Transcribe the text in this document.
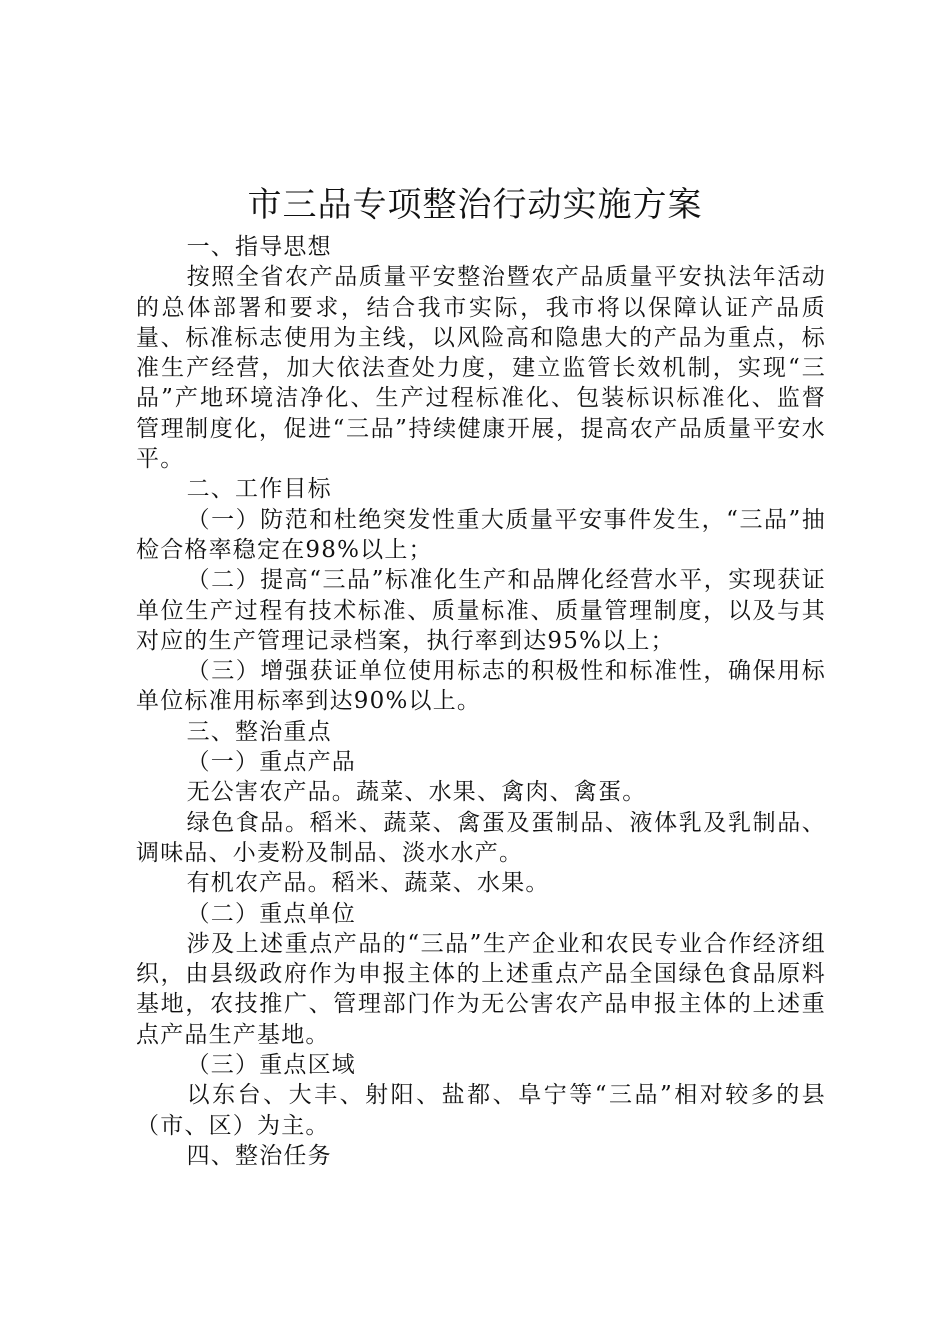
市三品专项整治行动实施方案

一、指导思想

按照全省农产品质量平安整治暨农产品质量平安执法年活动的总体部署和要求，结合我市实际，我市将以保障认证产品质量、标准标志使用为主线，以风险高和隐患大的产品为重点，标准生产经营，加大依法查处力度，建立监管长效机制，实现“三品”产地环境洁净化、生产过程标准化、包装标识标准化、监督管理制度化，促进“三品”持续健康开展，提高农产品质量平安水平。

二、工作目标

（一）防范和杜绝突发性重大质量平安事件发生，“三品”抽检合格率稳定在98%以上；

（二）提高“三品”标准化生产和品牌化经营水平，实现获证单位生产过程有技术标准、质量标准、质量管理制度，以及与其对应的生产管理记录档案，执行率到达95%以上；

（三）增强获证单位使用标志的积极性和标准性，确保用标单位标准用标率到达90%以上。

三、整治重点

（一）重点产品

无公害农产品。蔬菜、水果、禽肉、禽蛋。

绿色食品。稻米、蔬菜、禽蛋及蛋制品、液体乳及乳制品、调味品、小麦粉及制品、淡水水产。

有机农产品。稻米、蔬菜、水果。

（二）重点单位

涉及上述重点产品的“三品”生产企业和农民专业合作经济组织，由县级政府作为申报主体的上述重点产品全国绿色食品原料基地，农技推广、管理部门作为无公害农产品申报主体的上述重点产品生产基地。

（三）重点区域

以东台、大丰、射阳、盐都、阜宁等“三品”相对较多的县（市、区）为主。

四、整治任务
